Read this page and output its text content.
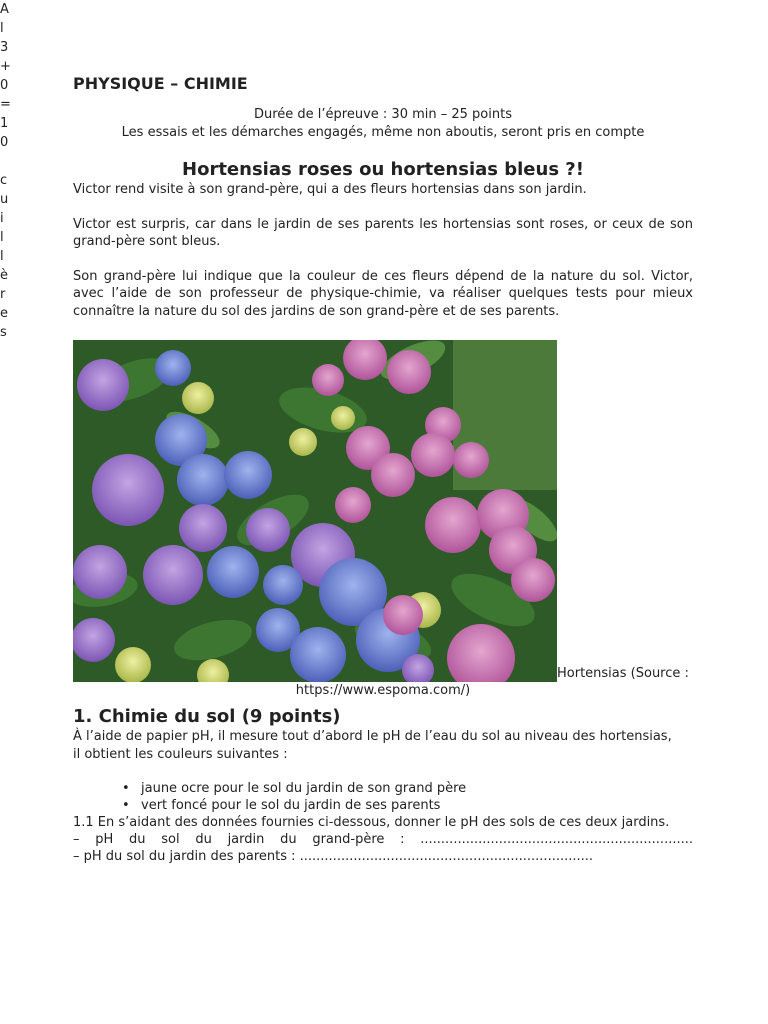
A
l
3
+
0
=
1
0
c
u
i
l
l
è
r
e
s
PHYSIQUE – CHIMIE
Durée de l’épreuve : 30 min – 25 points
Les essais et les démarches engagés, même non aboutis, seront pris en compte
Hortensias roses ou hortensias bleus ?!

Victor rend visite à son grand-père, qui a des fleurs hortensias dans son jardin.

Victor est surpris, car dans le jardin de ses parents les hortensias sont roses, or ceux de son grand-père sont bleus.

Son grand-père lui indique que la couleur de ces fleurs dépend de la nature du sol. Victor, avec l’aide de son professeur de physique-chimie, va réaliser quelques tests pour mieux connaître la nature du sol des jardins de son grand-père et de ses parents.

Hortensias (Source :
https://www.espoma.com/)
1. Chimie du sol (9 points)

À l’aide de papier pH, il mesure tout d’abord le pH de l’eau du sol au niveau des hortensias,

il obtient les couleurs suivantes :

• jaune ocre pour le sol du jardin de son grand père
• vert foncé pour le sol du jardin de ses parents
1.1 En s’aidant des données fournies ci-dessous, donner le pH des sols de ces deux jardins.
– pH du sol du jardin du grand-père : ..................................................................
– pH du sol du jardin des parents : .......................................................................
